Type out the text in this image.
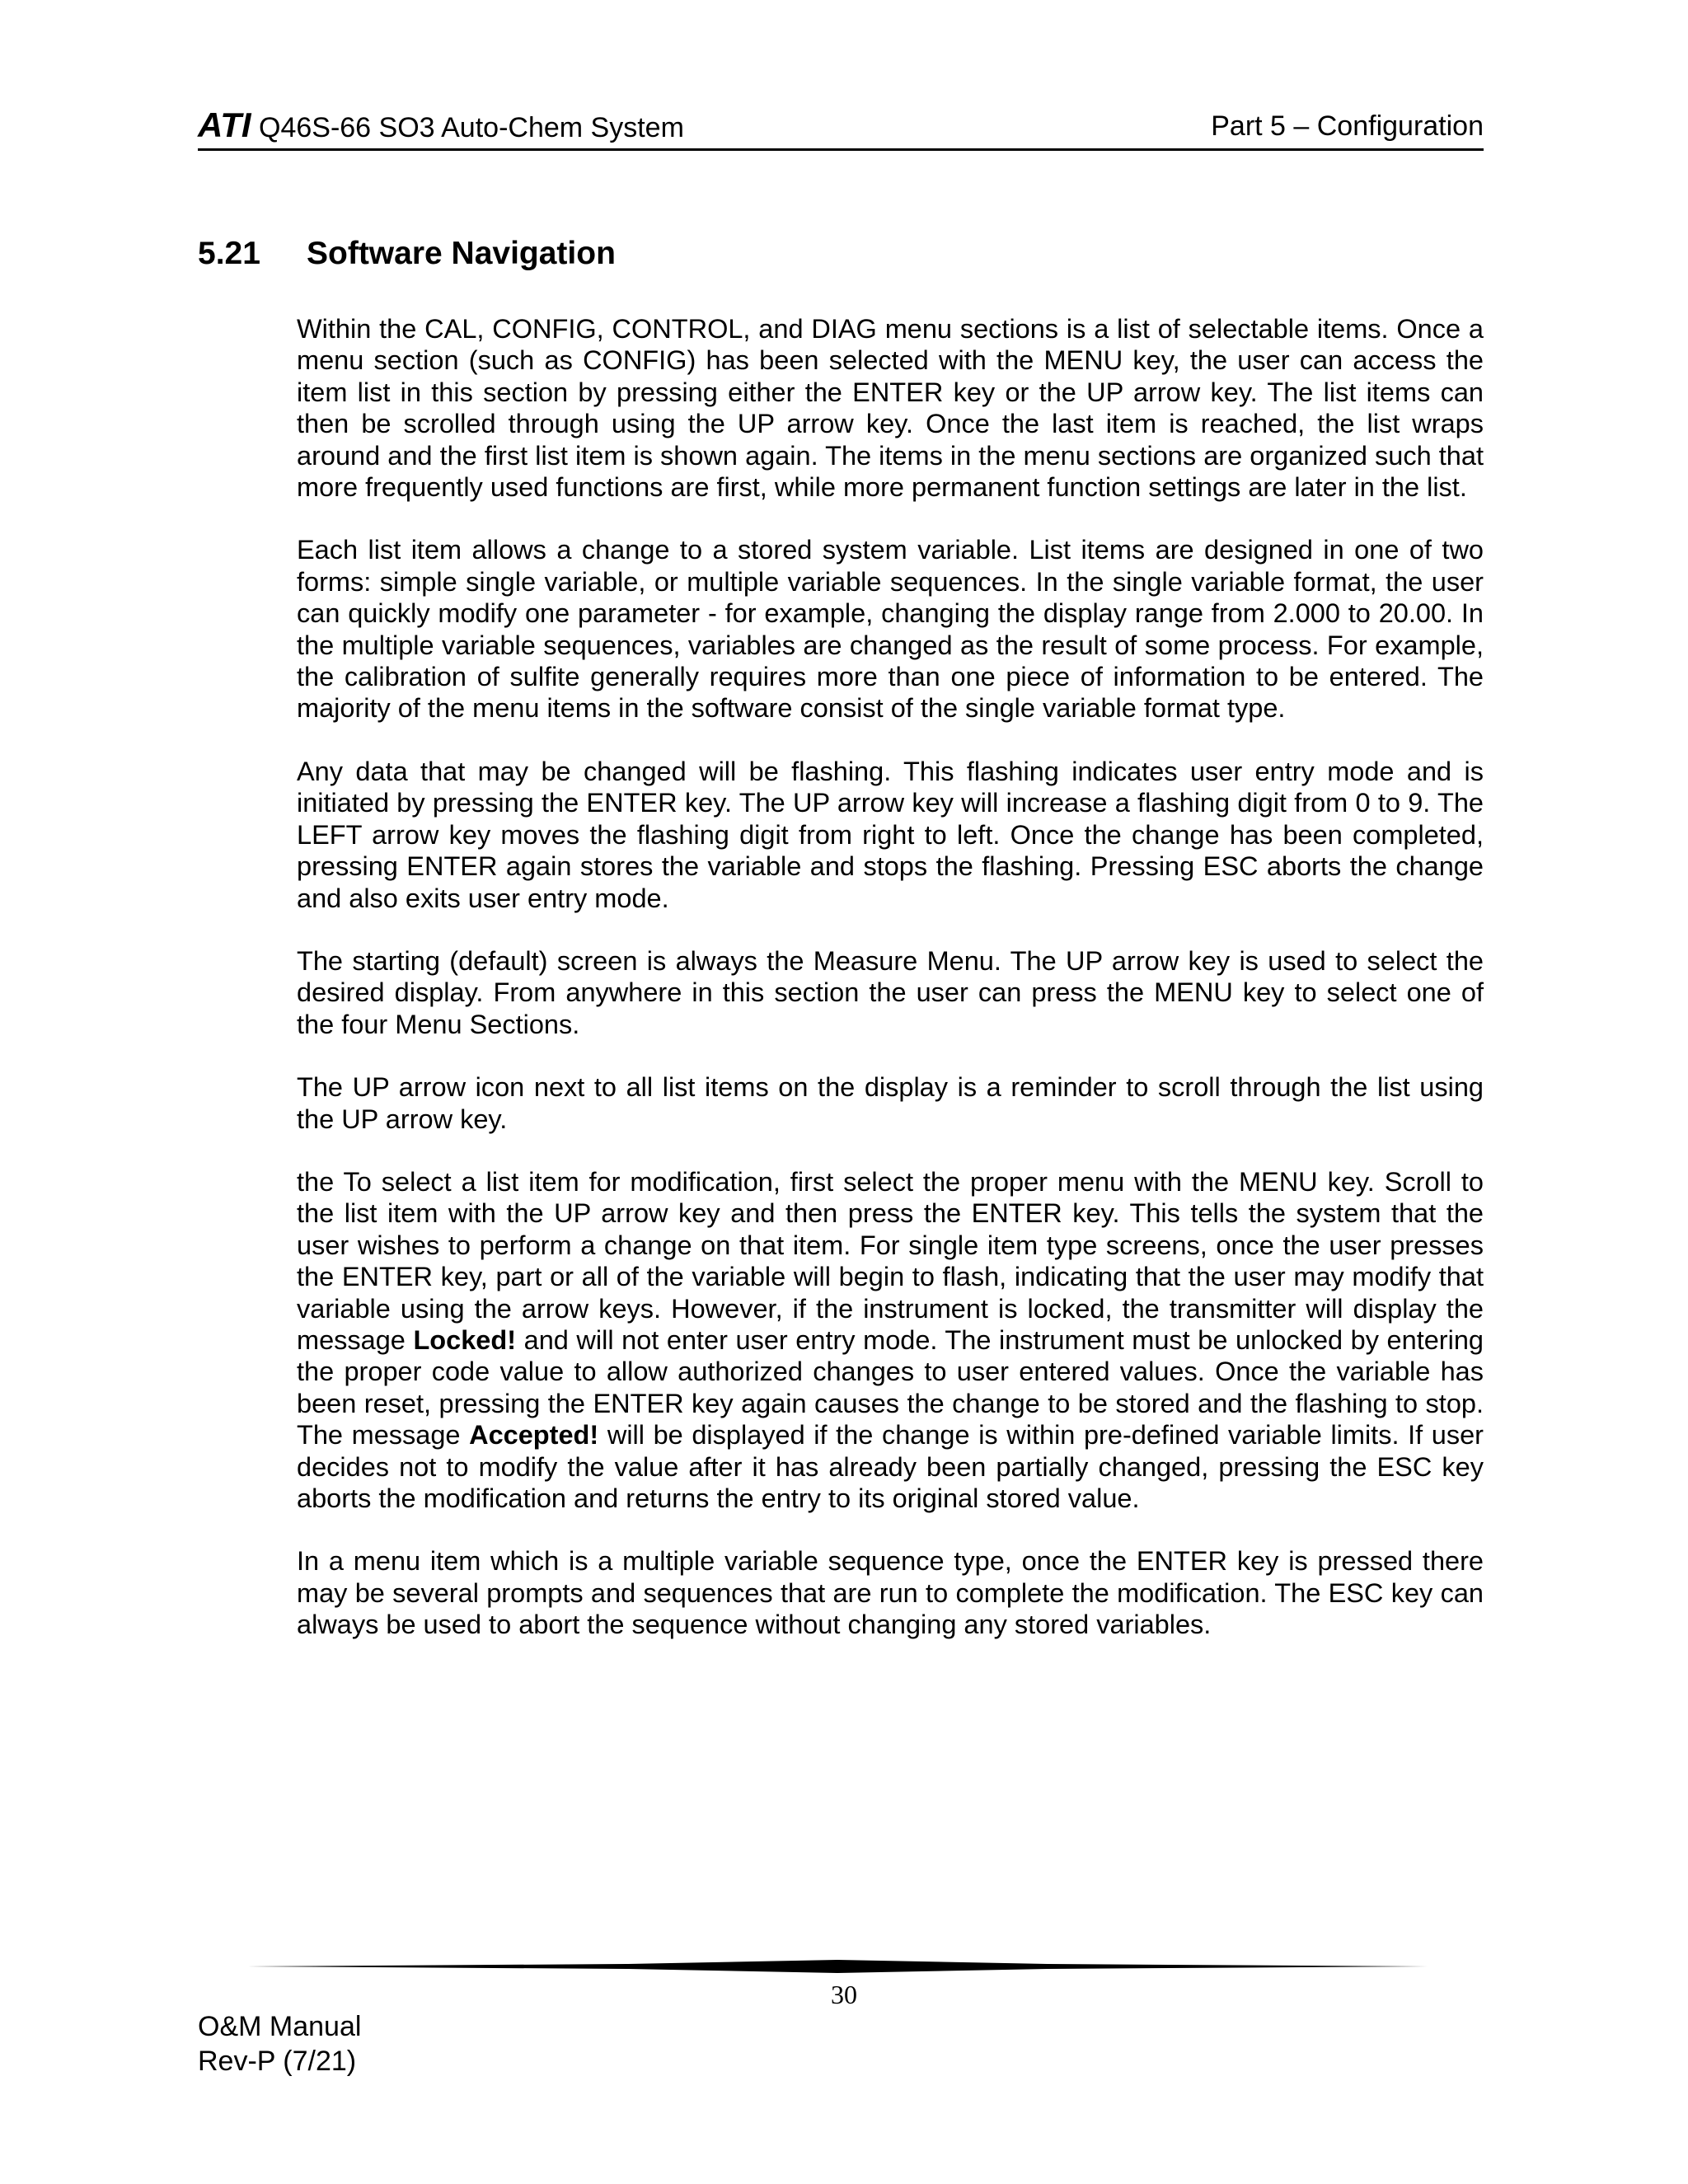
ATI Q46S-66 SO3 Auto-Chem System	Part 5 – Configuration
5.21 Software Navigation

Within the CAL, CONFIG, CONTROL, and DIAG menu sections is a list of selectable items. Once a menu section (such as CONFIG) has been selected with the MENU key, the user can access the item list in this section by pressing either the ENTER key or the UP arrow key. The list items can then be scrolled through using the UP arrow key. Once the last item is reached, the list wraps around and the first list item is shown again. The items in the menu sections are organized such that more frequently used functions are first, while more permanent function settings are later in the list.

Each list item allows a change to a stored system variable. List items are designed in one of two forms: simple single variable, or multiple variable sequences. In the single variable format, the user can quickly modify one parameter - for example, changing the display range from 2.000 to 20.00. In the multiple variable sequences, variables are changed as the result of some process. For example, the calibration of sulfite generally requires more than one piece of information to be entered. The majority of the menu items in the software consist of the single variable format type.

Any data that may be changed will be flashing. This flashing indicates user entry mode and is initiated by pressing the ENTER key. The UP arrow key will increase a flashing digit from 0 to 9. The LEFT arrow key moves the flashing digit from right to left. Once the change has been completed, pressing ENTER again stores the variable and stops the flashing. Pressing ESC aborts the change and also exits user entry mode.

The starting (default) screen is always the Measure Menu. The UP arrow key is used to select the desired display. From anywhere in this section the user can press the MENU key to select one of the four Menu Sections.

The UP arrow icon next to all list items on the display is a reminder to scroll through the list using the UP arrow key.

the To select a list item for modification, first select the proper menu with the MENU key. Scroll to the list item with the UP arrow key and then press the ENTER key. This tells the system that the user wishes to perform a change on that item. For single item type screens, once the user presses the ENTER key, part or all of the variable will begin to flash, indicating that the user may modify that variable using the arrow keys. However, if the instrument is locked, the transmitter will display the message Locked! and will not enter user entry mode. The instrument must be unlocked by entering the proper code value to allow authorized changes to user entered values. Once the variable has been reset, pressing the ENTER key again causes the change to be stored and the flashing to stop. The message Accepted! will be displayed if the change is within pre-defined variable limits. If user decides not to modify the value after it has already been partially changed, pressing the ESC key aborts the modification and returns the entry to its original stored value.

In a menu item which is a multiple variable sequence type, once the ENTER key is pressed there may be several prompts and sequences that are run to complete the modification. The ESC key can always be used to abort the sequence without changing any stored variables.

30
O&M Manual
Rev-P (7/21)
